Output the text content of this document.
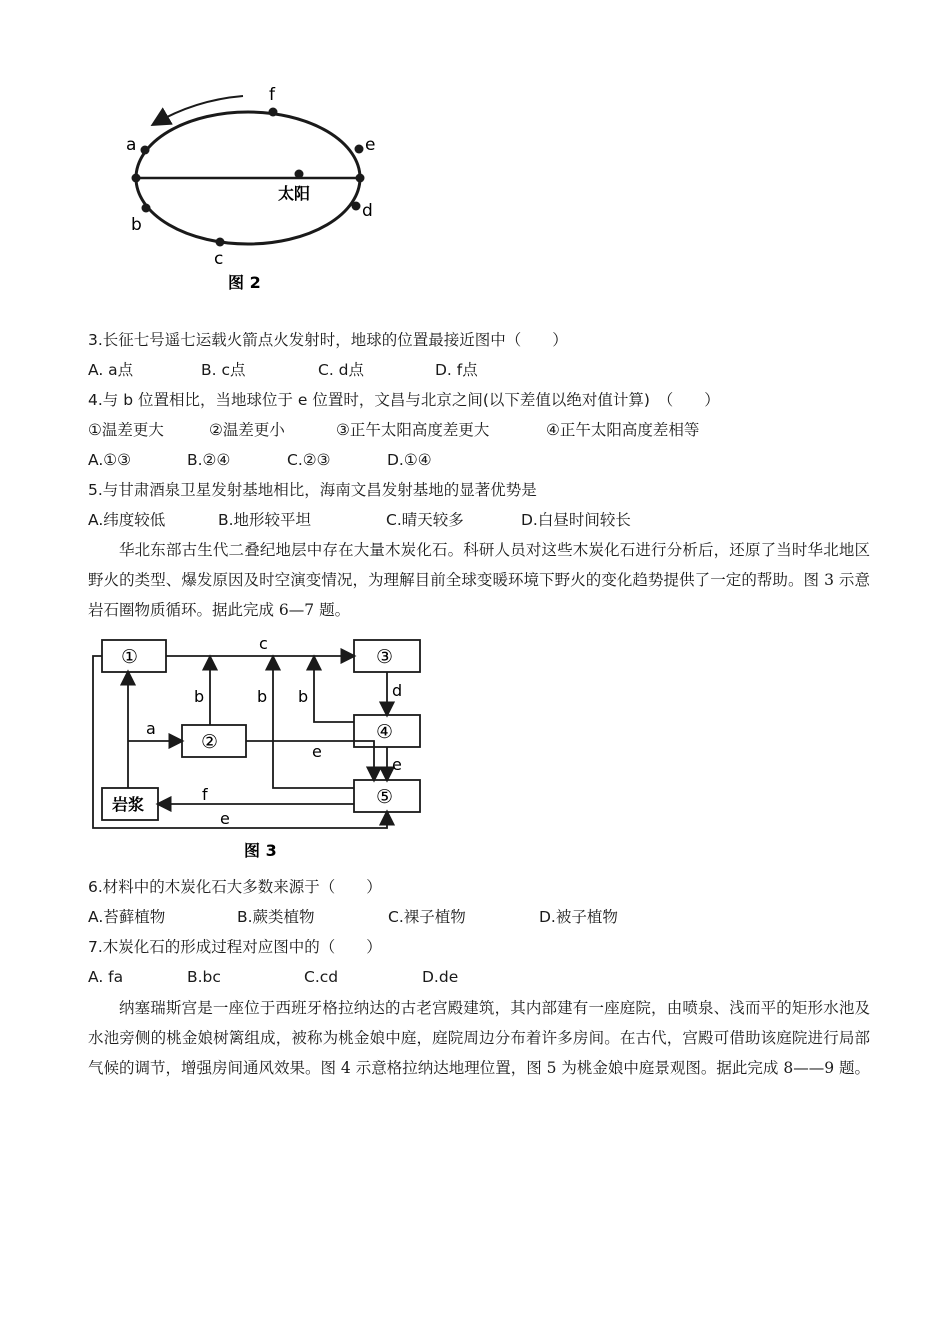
太阳
f
a	e
b
d
c
图 2
3.长征七号遥七运载火箭点火发射时，地球的位置最接近图中（　　）
A. a点	B. c点	C. d点	D. f点
4.与 b 位置相比，当地球位于 e 位置时，文昌与北京之间(以下差值以绝对值计算)　（　　）
①温差更大	②温差更小	③正午太阳高度差更大	④正午太阳高度差相等
A.①③	B.②④	C.②③	D.①④
5.与甘肃酒泉卫星发射基地相比，海南文昌发射基地的显著优势是
A.纬度较低	B.地形较平坦	C.晴天较多	D.白昼时间较长

华北东部古生代二叠纪地层中存在大量木炭化石。科研人员对这些木炭化石进行分析后，还原了当时华北地区野火的类型、爆发原因及时空演变情况，为理解目前全球变暖环境下野火的变化趋势提供了一定的帮助。图 3 示意岩石圈物质循环。据此完成 6—7 题。

①	③
②	④
⑤
岩浆
c
b	b b	d
a
e
e
f
e
图 3
6.材料中的木炭化石大多数来源于（　　）
A.苔藓植物	B.蕨类植物	C.裸子植物	D.被子植物
7.木炭化石的形成过程对应图中的（　　）
A. fa	B.bc	C.cd	D.de

纳塞瑞斯宫是一座位于西班牙格拉纳达的古老宫殿建筑，其内部建有一座庭院，由喷泉、浅而平的矩形水池及水池旁侧的桃金娘树篱组成，被称为桃金娘中庭，庭院周边分布着许多房间。在古代，宫殿可借助该庭院进行局部气候的调节，增强房间通风效果。图 4 示意格拉纳达地理位置，图 5 为桃金娘中庭景观图。据此完成 8——9 题。
